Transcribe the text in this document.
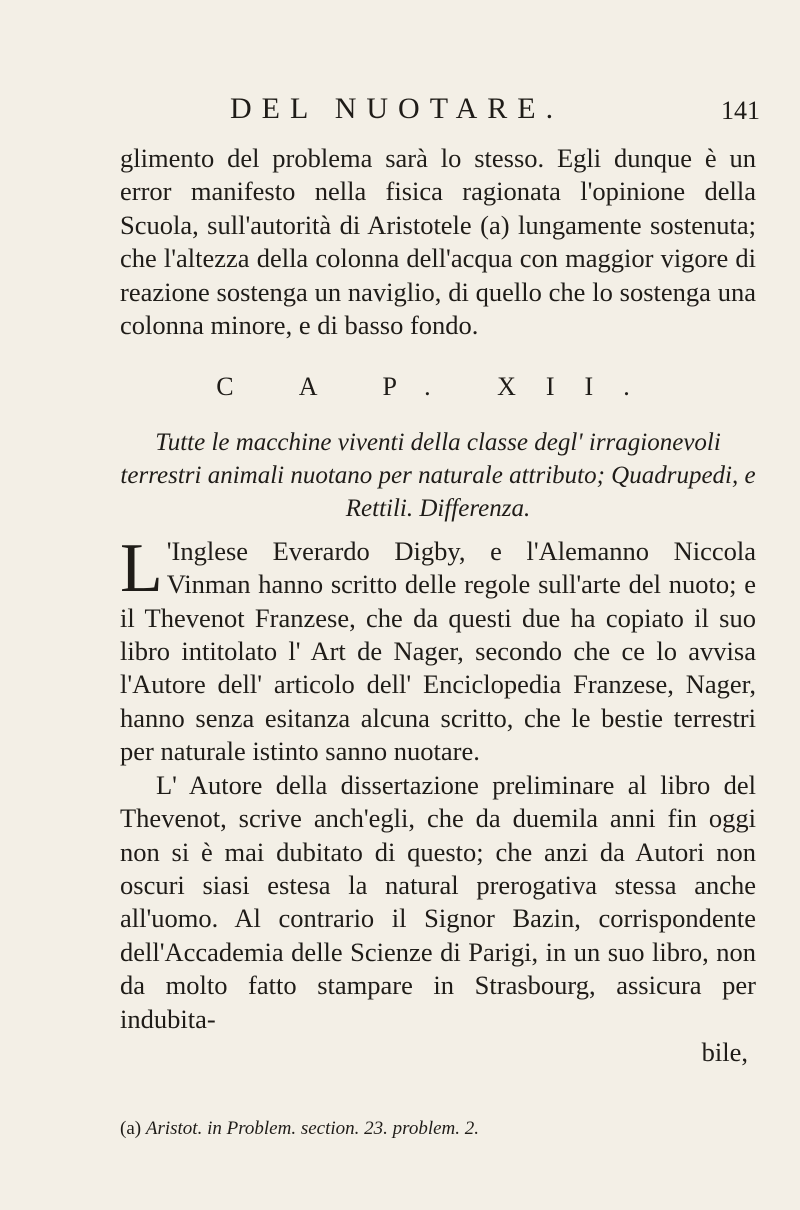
DEL NUOTARE.	141

glimento del problema sarà lo stesso. Egli dunque è un error manifesto nella fisica ragionata l'opinione della Scuola, sull'autorità di Aristotele (a) lungamente sostenuta; che l'altezza della colonna dell'acqua con maggior vigore di reazione sostenga un naviglio, di quello che lo sostenga una colonna minore, e di basso fondo.

C A P. XII.
Tutte le macchine viventi della classe degl' irragionevoli terrestri animali nuotano per naturale attributo; Quadrupedi, e Rettili. Differenza.

L 'Inglese Everardo Digby, e l'Alemanno Niccola Vinman hanno scritto delle regole sull'arte del nuoto; e il Thevenot Franzese, che da questi due ha copiato il suo libro intitolato l' Art de Nager, secondo che ce lo avvisa l'Autore dell' articolo dell' Enciclopedia Franzese, Nager, hanno senza esitanza alcuna scritto, che le bestie terrestri per naturale istinto sanno nuotare.

L' Autore della dissertazione preliminare al libro del Thevenot, scrive anch'egli, che da duemila anni fin oggi non si è mai dubitato di questo; che anzi da Autori non oscuri siasi estesa la natural prerogativa stessa anche all'uomo. Al contrario il Signor Bazin, corrispondente dell'Accademia delle Scienze di Parigi, in un suo libro, non da molto fatto stampare in Strasbourg, assicura per indubita-

bile,
(a) Aristot. in Problem. section. 23. problem. 2.
